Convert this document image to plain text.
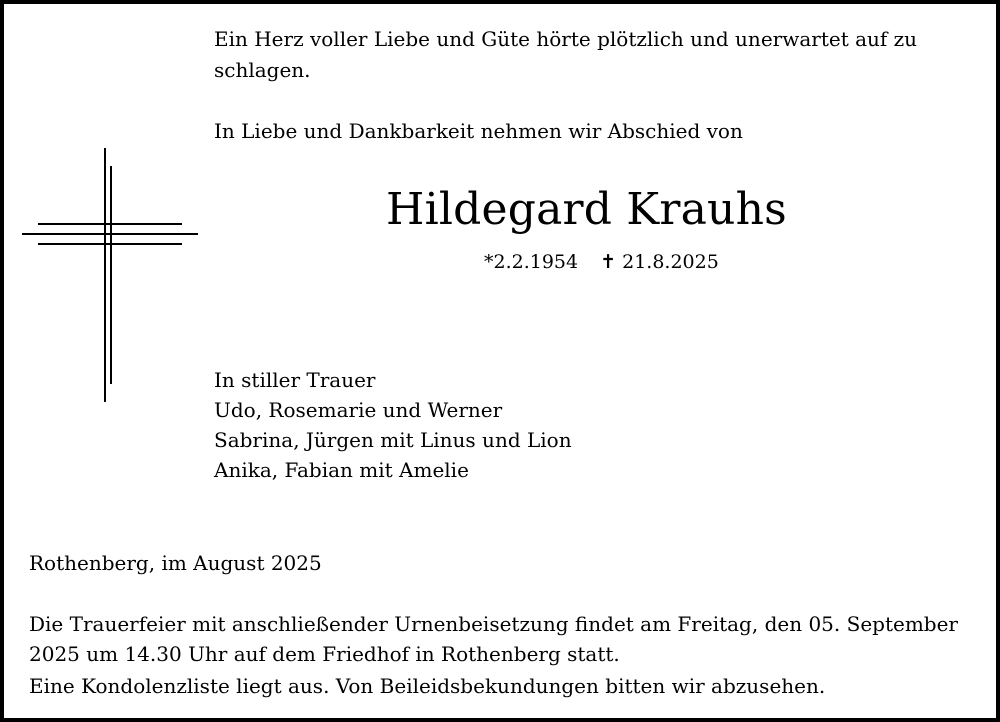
Ein Herz voller Liebe und Güte hörte plötzlich und unerwartet auf zu schlagen.

In Liebe und Dankbarkeit nehmen wir Abschied von

Hildegard Krauhs
*2.2.1954 ✝ 21.8.2025
In stiller Trauer
Udo, Rosemarie und Werner
Sabrina, Jürgen mit Linus und Lion
Anika, Fabian mit Amelie
Rothenberg, im August 2025

Die Trauerfeier mit anschließender Urnenbeisetzung findet am Freitag, den 05. September 2025 um 14.30 Uhr auf dem Friedhof in Rothenberg statt.

Eine Kondolenzliste liegt aus. Von Beileidsbekundungen bitten wir abzusehen.
